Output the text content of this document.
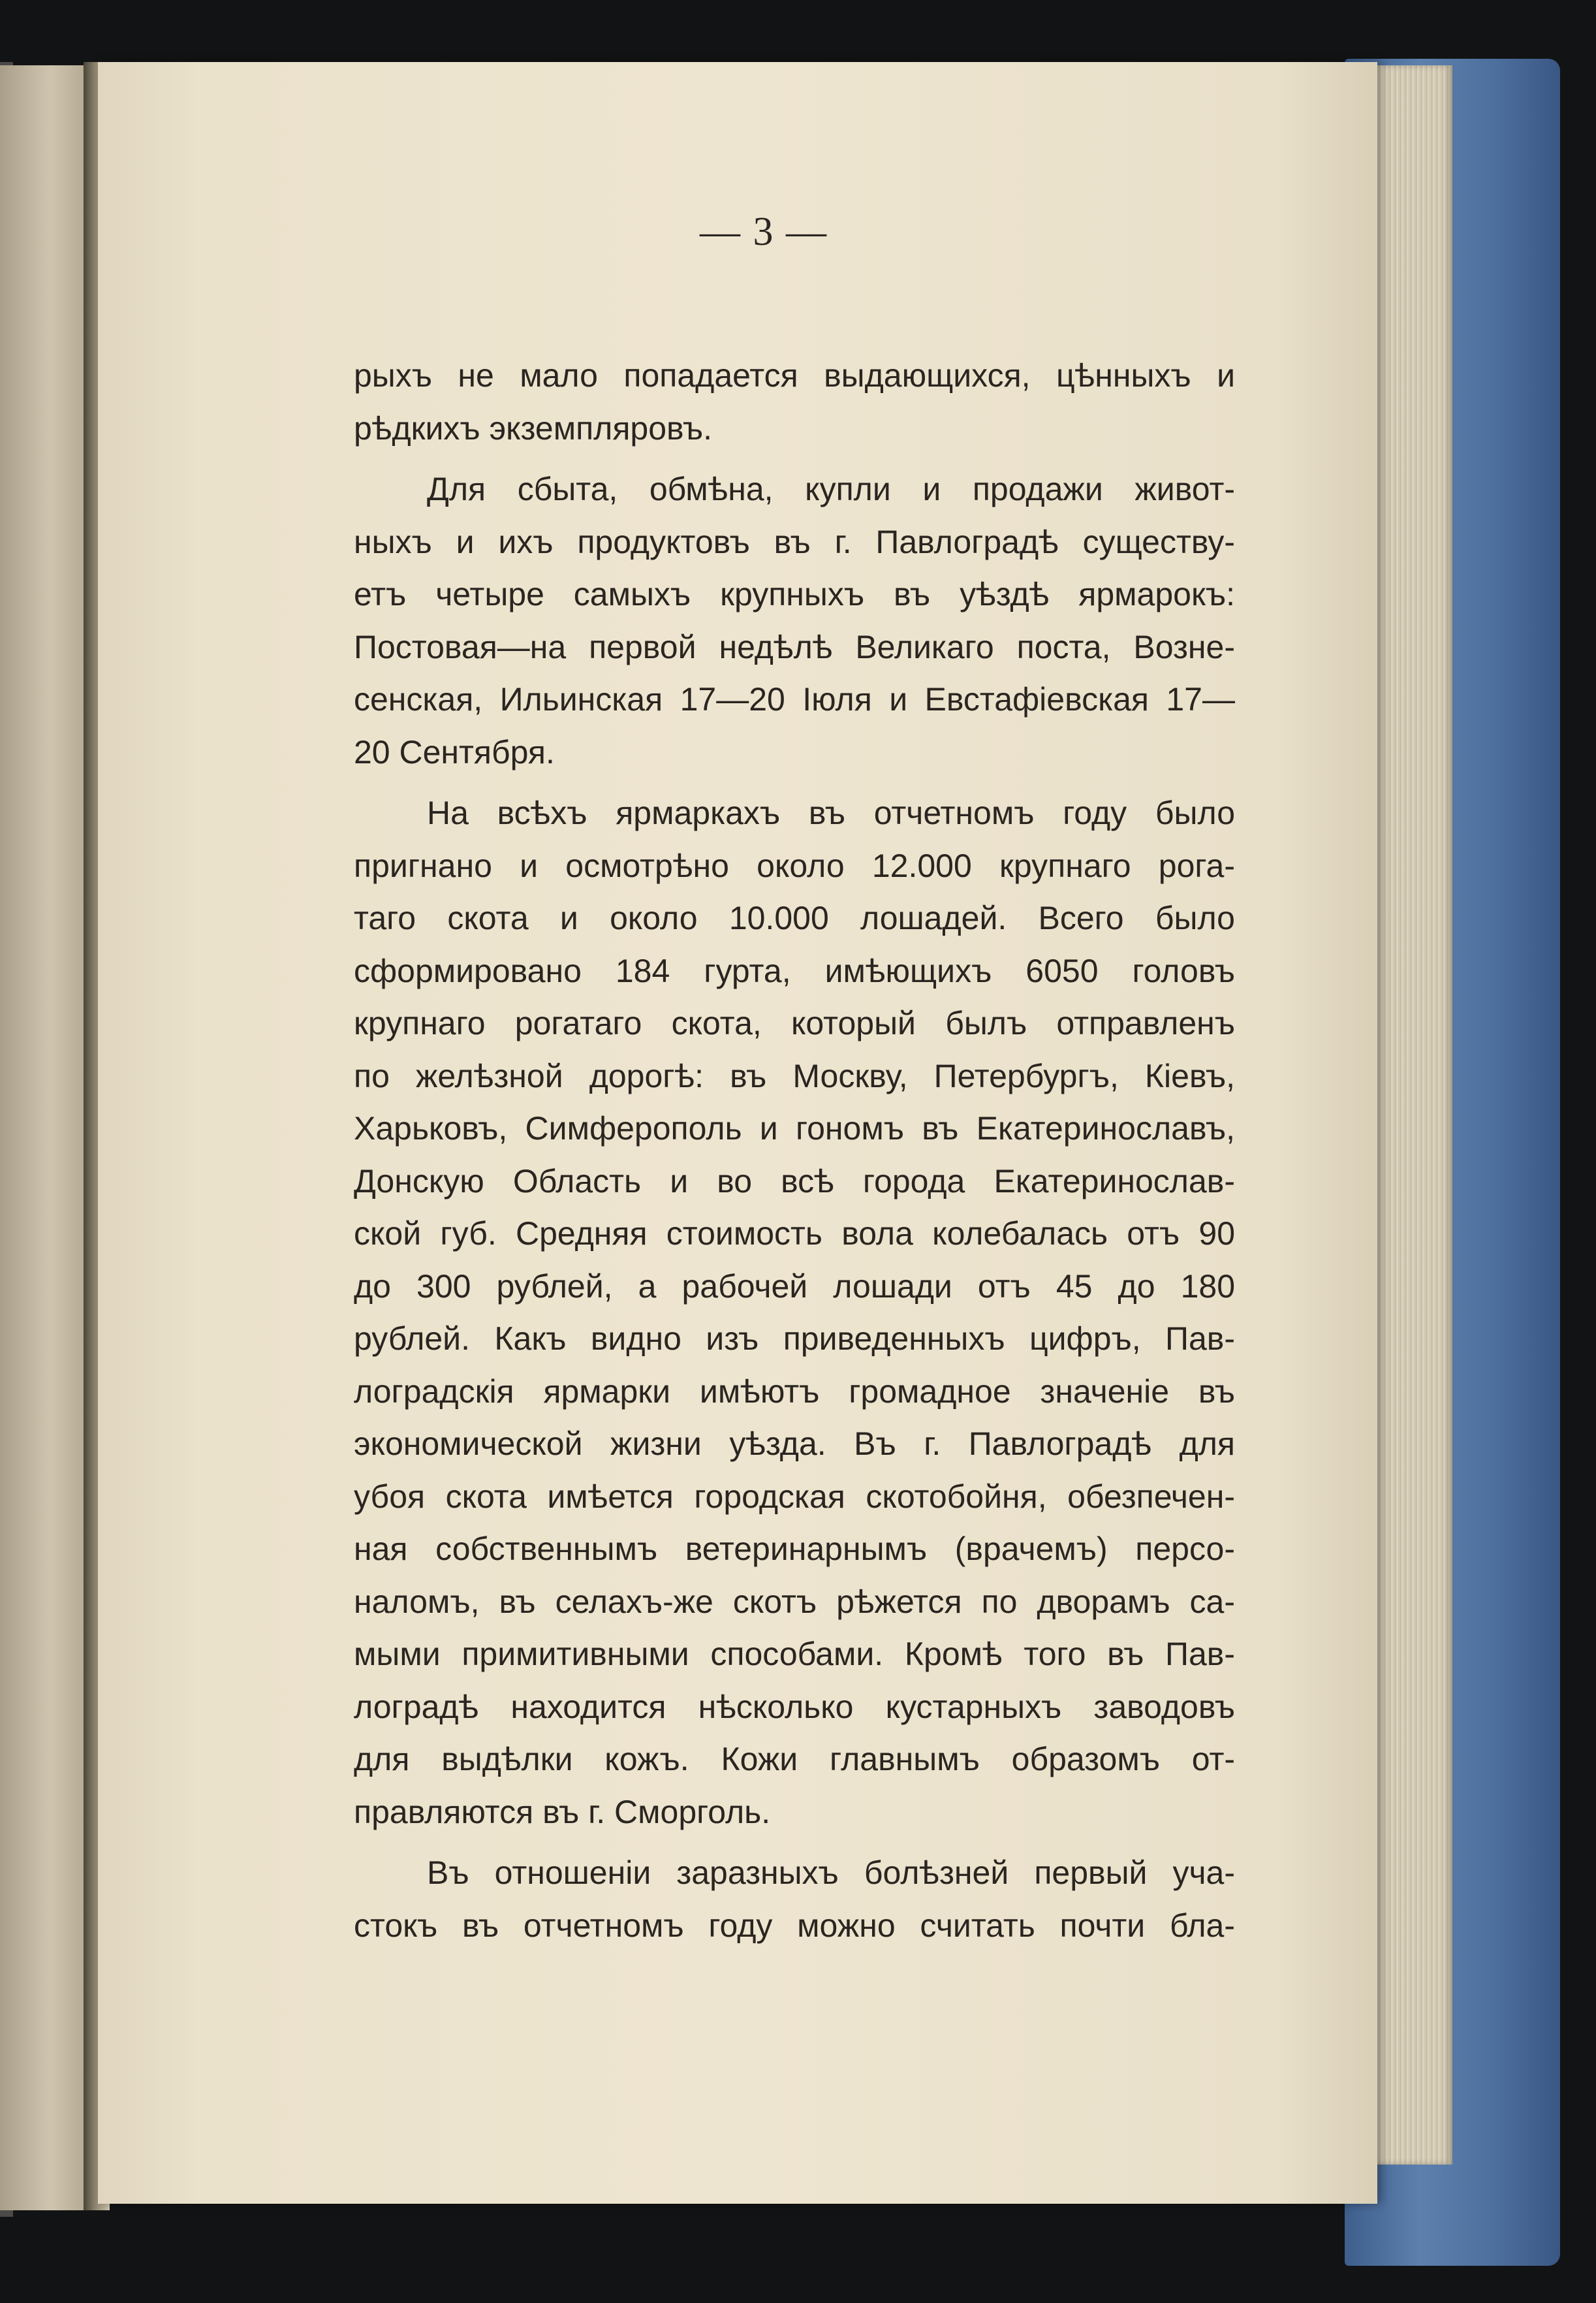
— 3 —
рыхъ не мало попадается выдающихся, цѣнныхъ и
рѣдкихъ экземпляровъ.
Для сбыта, обмѣна, купли и продажи живот-
ныхъ и ихъ продуктовъ въ г. Павлоградѣ существу-
етъ четыре самыхъ крупныхъ въ уѣздѣ ярмарокъ:
Постовая—на первой недѣлѣ Великаго поста, Возне-
сенская, Ильинская 17—20 Іюля и Евстафіевская 17—
20 Сентября.
На всѣхъ ярмаркахъ въ отчетномъ году было
пригнано и осмотрѣно около 12.000 крупнаго рога-
таго скота и около 10.000 лошадей. Всего было
сформировано 184 гурта, имѣющихъ 6050 головъ
крупнаго рогатаго скота, который былъ отправленъ
по желѣзной дорогѣ: въ Москву, Петербургъ, Кіевъ,
Харьковъ, Симферополь и гономъ въ Екатеринославъ,
Донскую Область и во всѣ города Екатеринослав-
ской губ. Средняя стоимость вола колебалась отъ 90
до 300 рублей, а рабочей лошади отъ 45 до 180
рублей. Какъ видно изъ приведенныхъ цифръ, Пав-
лоградскія ярмарки имѣютъ громадное значеніе въ
экономической жизни уѣзда. Въ г. Павлоградѣ для
убоя скота имѣется городская скотобойня, обезпечен-
ная собственнымъ ветеринарнымъ (врачемъ) персо-
наломъ, въ селахъ-же скотъ рѣжется по дворамъ са-
мыми примитивными способами. Кромѣ того въ Пав-
лоградѣ находится нѣсколько кустарныхъ заводовъ
для выдѣлки кожъ. Кожи главнымъ образомъ от-
правляются въ г. Сморголь.
Въ отношеніи заразныхъ болѣзней первый уча-
стокъ въ отчетномъ году можно считать почти бла-
